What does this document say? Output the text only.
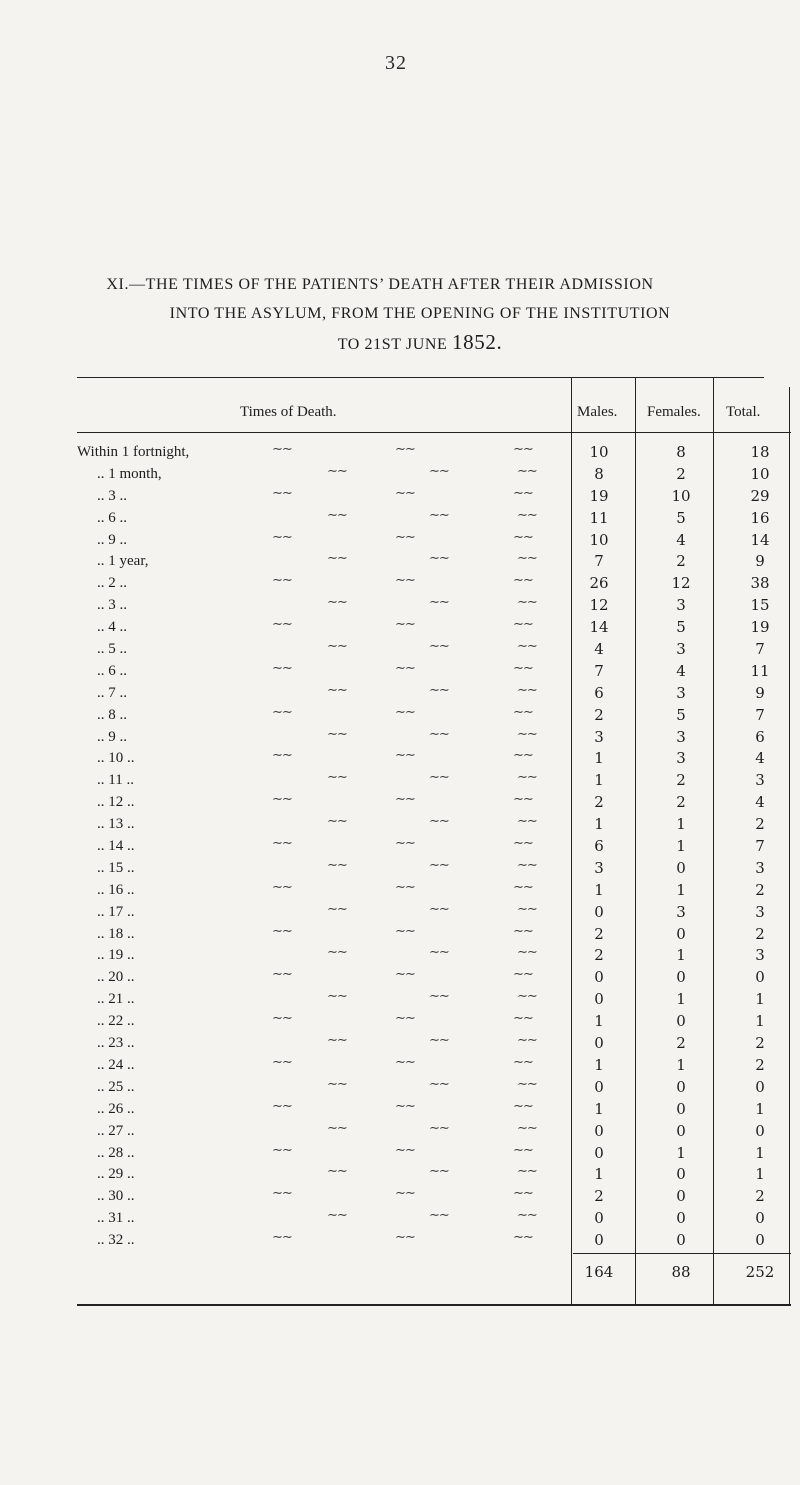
32
XI.—THE TIMES OF THE PATIENTS’ DEATH AFTER THEIR ADMISSION
INTO THE ASYLUM, FROM THE OPENING OF THE INSTITUTION
TO 21ST JUNE 1852.
Times of Death.	Males. Females. Total.
Within 1 fortnight,	∼∼	∼∼	∼∼	10	8	18
.. 1 month,	∼∼	∼∼	∼∼	8	2	10
.. 3 ..	∼∼	∼∼	∼∼	19	10	29
.. 6 ..	∼∼	∼∼	∼∼	11	5	16
.. 9 ..	∼∼	∼∼	∼∼	10	4	14
.. 1 year,	∼∼	∼∼	∼∼	7	2	9
.. 2 ..	∼∼	∼∼	∼∼	26	12	38
.. 3 ..	∼∼	∼∼	∼∼	12	3	15
.. 4 ..	∼∼	∼∼	∼∼	14	5	19
.. 5 ..	∼∼	∼∼	∼∼	4	3	7
.. 6 ..	∼∼	∼∼	∼∼	7	4	11
.. 7 ..	∼∼	∼∼	∼∼	6	3	9
.. 8 ..	∼∼	∼∼	∼∼	2	5	7
.. 9 ..	∼∼	∼∼	∼∼	3	3	6
.. 10 ..	∼∼	∼∼	∼∼	1	3	4
.. 11 ..	∼∼	∼∼	∼∼	1	2	3
.. 12 ..	∼∼	∼∼	∼∼	2	2	4
.. 13 ..	∼∼	∼∼	∼∼	1	1	2
.. 14 ..	∼∼	∼∼	∼∼	6	1	7
.. 15 ..	∼∼	∼∼	∼∼	3	0	3
.. 16 ..	∼∼	∼∼	∼∼	1	1	2
.. 17 ..	∼∼	∼∼	∼∼	0	3	3
.. 18 ..	∼∼	∼∼	∼∼	2	0	2
.. 19 ..	∼∼	∼∼	∼∼	2	1	3
.. 20 ..	∼∼	∼∼	∼∼	0	0	0
.. 21 ..	∼∼	∼∼	∼∼	0	1	1
.. 22 ..	∼∼	∼∼	∼∼	1	0	1
.. 23 ..	∼∼	∼∼	∼∼	0	2	2
.. 24 ..	∼∼	∼∼	∼∼	1	1	2
.. 25 ..	∼∼	∼∼	∼∼	0	0	0
.. 26 ..	∼∼	∼∼	∼∼	1	0	1
.. 27 ..	∼∼	∼∼	∼∼	0	0	0
.. 28 ..	∼∼	∼∼	∼∼	0	1	1
.. 29 ..	∼∼	∼∼	∼∼	1	0	1
.. 30 ..	∼∼	∼∼	∼∼	2	0	2
.. 31 ..	∼∼	∼∼	∼∼	0	0	0
.. 32 ..	∼∼	∼∼	∼∼	0	0	0
164	88	252
